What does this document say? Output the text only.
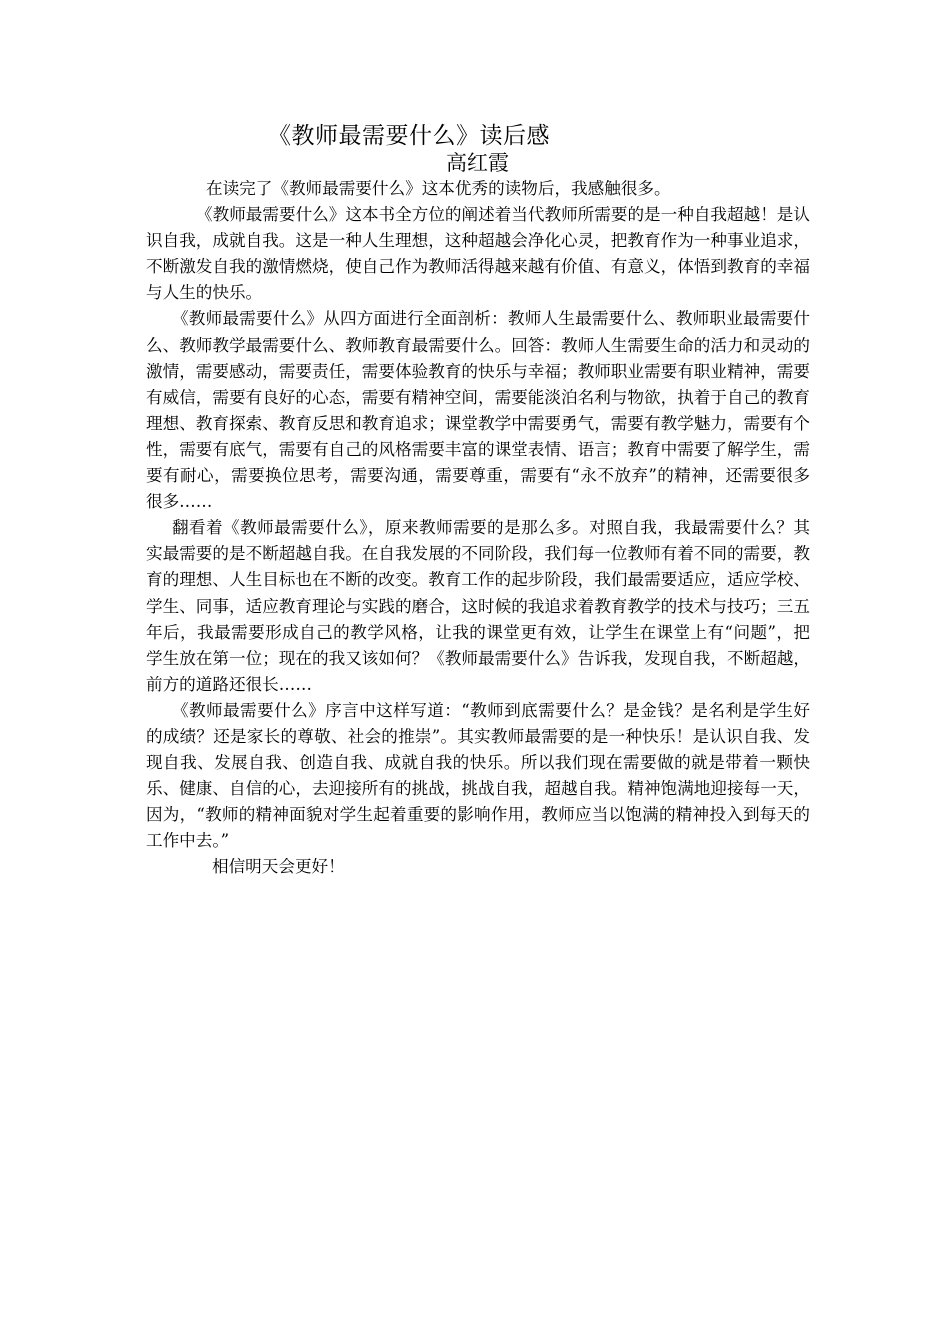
《教师最需要什么》读后感
高红霞

在读完了《教师最需要什么》这本优秀的读物后，我感触很多。

《教师最需要什么》这本书全方位的阐述着当代教师所需要的是一种自我超越！是认识自我，成就自我。这是一种人生理想，这种超越会净化心灵，把教育作为一种事业追求，不断激发自我的激情燃烧，使自己作为教师活得越来越有价值、有意义，体悟到教育的幸福与人生的快乐。

《教师最需要什么》从四方面进行全面剖析：教师人生最需要什么、教师职业最需要什么、教师教学最需要什么、教师教育最需要什么。回答：教师人生需要生命的活力和灵动的激情，需要感动，需要责任，需要体验教育的快乐与幸福；教师职业需要有职业精神，需要有威信，需要有良好的心态，需要有精神空间，需要能淡泊名利与物欲，执着于自己的教育理想、教育探索、教育反思和教育追求；课堂教学中需要勇气，需要有教学魅力，需要有个性，需要有底气，需要有自己的风格需要丰富的课堂表情、语言；教育中需要了解学生，需要有耐心，需要换位思考，需要沟通，需要尊重，需要有“永不放弃”的精神，还需要很多很多……

翻看着《教师最需要什么》，原来教师需要的是那么多。对照自我，我最需要什么？其实最需要的是不断超越自我。在自我发展的不同阶段，我们每一位教师有着不同的需要，教育的理想、人生目标也在不断的改变。教育工作的起步阶段，我们最需要适应，适应学校、学生、同事，适应教育理论与实践的磨合，这时候的我追求着教育教学的技术与技巧；三五年后，我最需要形成自己的教学风格，让我的课堂更有效，让学生在课堂上有“问题”，把学生放在第一位；现在的我又该如何？《教师最需要什么》告诉我，发现自我，不断超越，前方的道路还很长……

《教师最需要什么》序言中这样写道：“教师到底需要什么？是金钱？是名利是学生好的成绩？还是家长的尊敬、社会的推崇”。其实教师最需要的是一种快乐！是认识自我、发现自我、发展自我、创造自我、成就自我的快乐。所以我们现在需要做的就是带着一颗快乐、健康、自信的心，去迎接所有的挑战，挑战自我，超越自我。精神饱满地迎接每一天，因为，“教师的精神面貌对学生起着重要的影响作用，教师应当以饱满的精神投入到每天的工作中去。”

相信明天会更好！
